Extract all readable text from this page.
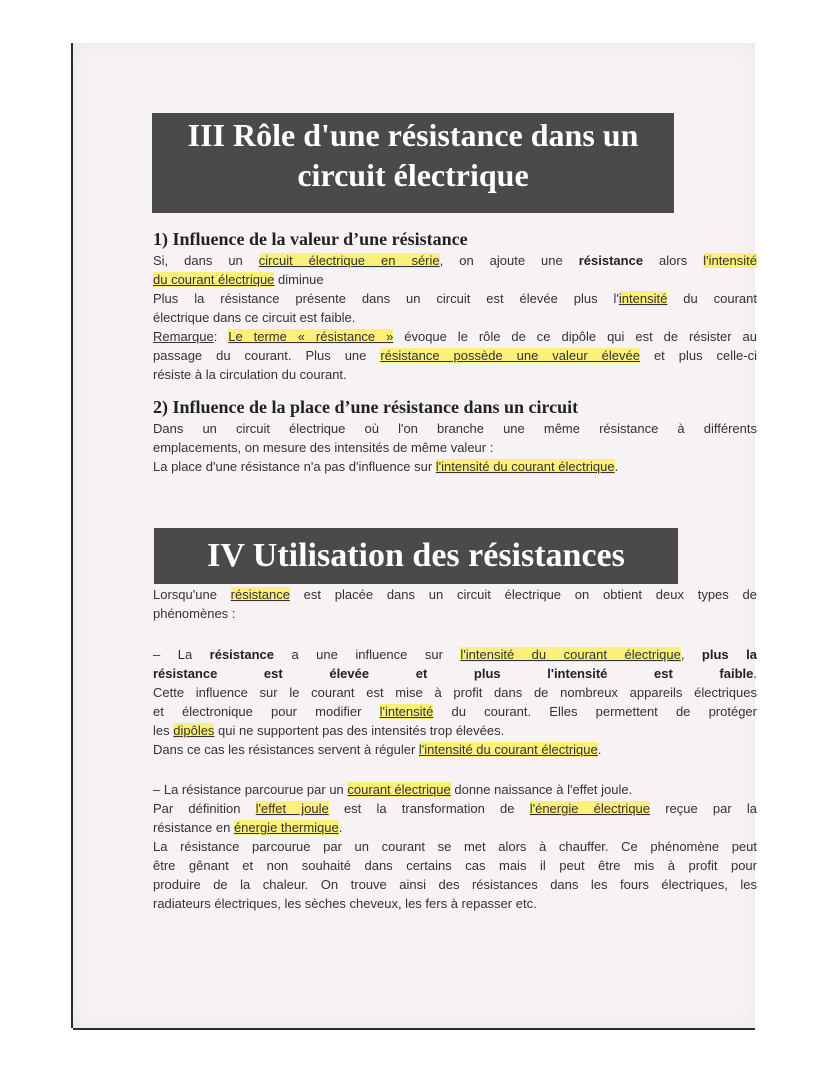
III Rôle d'une résistance dans un
circuit électrique
1) Influence de la valeur d’une résistance
Si, dans un circuit électrique en série, on ajoute une résistance alors l'intensité
du courant électrique diminue
Plus la résistance présente dans un circuit est élevée plus l'intensité du courant
électrique dans ce circuit est faible.
Remarque: Le terme « résistance » évoque le rôle de ce dipôle qui est de résister au
passage du courant. Plus une résistance possède une valeur élevée et plus celle-ci
résiste à la circulation du courant.
2) Influence de la place d’une résistance dans un circuit
Dans un circuit électrique où l'on branche une même résistance à différents
emplacements, on mesure des intensités de même valeur :
La place d'une résistance n'a pas d'influence sur l'intensité du courant électrique.
IV Utilisation des résistances
Lorsqu'une résistance est placée dans un circuit électrique on obtient deux types de
phénomènes :
– La résistance a une influence sur l'intensité du courant électrique, plus la
résistance est élevée et plus l'intensité est faible.
Cette influence sur le courant est mise à profit dans de nombreux appareils électriques
et électronique pour modifier l'intensité du courant. Elles permettent de protéger
les dipôles qui ne supportent pas des intensités trop élevées.
Dans ce cas les résistances servent à réguler l'intensité du courant électrique.
– La résistance parcourue par un courant électrique donne naissance à l'effet joule.
Par définition l'effet joule est la transformation de l'énergie électrique reçue par la
résistance en énergie thermique.
La résistance parcourue par un courant se met alors à chauffer. Ce phénomène peut
être gênant et non souhaité dans certains cas mais il peut être mis à profit pour
produire de la chaleur. On trouve ainsi des résistances dans les fours électriques, les
radiateurs électriques, les sèches cheveux, les fers à repasser etc.
